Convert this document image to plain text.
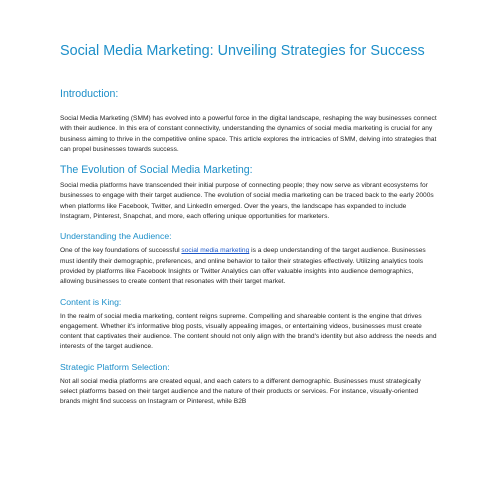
Social Media Marketing: Unveiling Strategies for Success
Introduction:

Social Media Marketing (SMM) has evolved into a powerful force in the digital landscape, reshaping the way businesses connect with their audience. In this era of constant connectivity, understanding the dynamics of social media marketing is crucial for any business aiming to thrive in the competitive online space. This article explores the intricacies of SMM, delving into strategies that can propel businesses towards success.

The Evolution of Social Media Marketing:

Social media platforms have transcended their initial purpose of connecting people; they now serve as vibrant ecosystems for businesses to engage with their target audience. The evolution of social media marketing can be traced back to the early 2000s when platforms like Facebook, Twitter, and LinkedIn emerged. Over the years, the landscape has expanded to include Instagram, Pinterest, Snapchat, and more, each offering unique opportunities for marketers.

Understanding the Audience:

One of the key foundations of successful social media marketing is a deep understanding of the target audience. Businesses must identify their demographic, preferences, and online behavior to tailor their strategies effectively. Utilizing analytics tools provided by platforms like Facebook Insights or Twitter Analytics can offer valuable insights into audience demographics, allowing businesses to create content that resonates with their target market.

Content is King:

In the realm of social media marketing, content reigns supreme. Compelling and shareable content is the engine that drives engagement. Whether it's informative blog posts, visually appealing images, or entertaining videos, businesses must create content that captivates their audience. The content should not only align with the brand's identity but also address the needs and interests of the target audience.

Strategic Platform Selection:

Not all social media platforms are created equal, and each caters to a different demographic. Businesses must strategically select platforms based on their target audience and the nature of their products or services. For instance, visually-oriented brands might find success on Instagram or Pinterest, while B2B
